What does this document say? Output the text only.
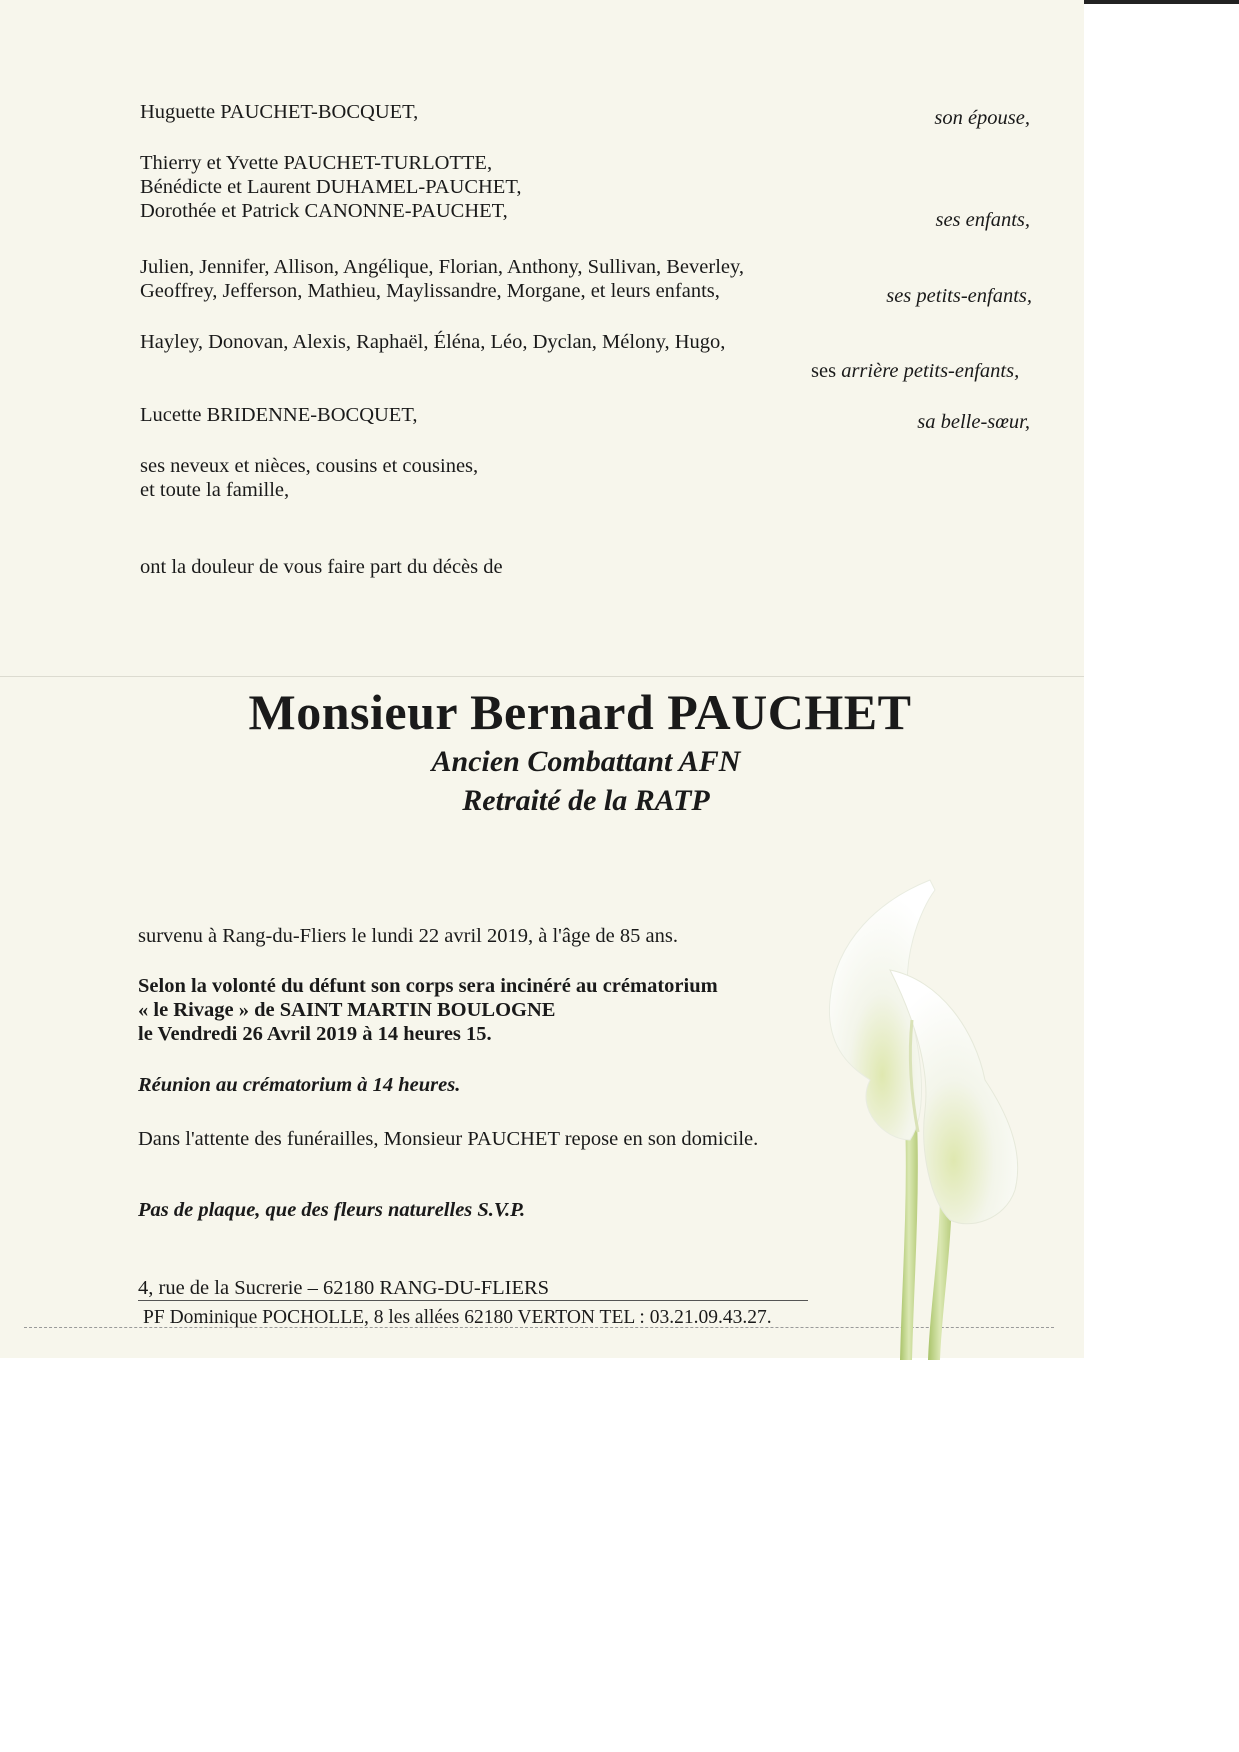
Huguette PAUCHET-BOCQUET,	son épouse,
Thierry et Yvette PAUCHET-TURLOTTE,
Bénédicte et Laurent DUHAMEL-PAUCHET,
Dorothée et Patrick CANONNE-PAUCHET,	ses enfants,
Julien, Jennifer, Allison, Angélique, Florian, Anthony, Sullivan, Beverley,
Geoffrey, Jefferson, Mathieu, Maylissandre, Morgane, et leurs enfants,	ses petits-enfants,
Hayley, Donovan, Alexis, Raphaël, Éléna, Léo, Dyclan, Mélony, Hugo,
ses arrière petits-enfants,
Lucette BRIDENNE-BOCQUET,	sa belle-sœur,
ses neveux et nièces, cousins et cousines,
et toute la famille,
ont la douleur de vous faire part du décès de
Monsieur Bernard PAUCHET
Ancien Combattant AFN
Retraité de la RATP
survenu à Rang-du-Fliers le lundi 22 avril 2019, à l'âge de 85 ans.
Selon la volonté du défunt son corps sera incinéré au crématorium
« le Rivage » de SAINT MARTIN BOULOGNE
le Vendredi 26 Avril 2019 à 14 heures 15.
Réunion au crématorium à 14 heures.
Dans l'attente des funérailles, Monsieur PAUCHET repose en son domicile.
Pas de plaque, que des fleurs naturelles S.V.P.
4, rue de la Sucrerie – 62180 RANG-DU-FLIERS
PF Dominique POCHOLLE, 8 les allées 62180 VERTON TEL : 03.21.09.43.27.
